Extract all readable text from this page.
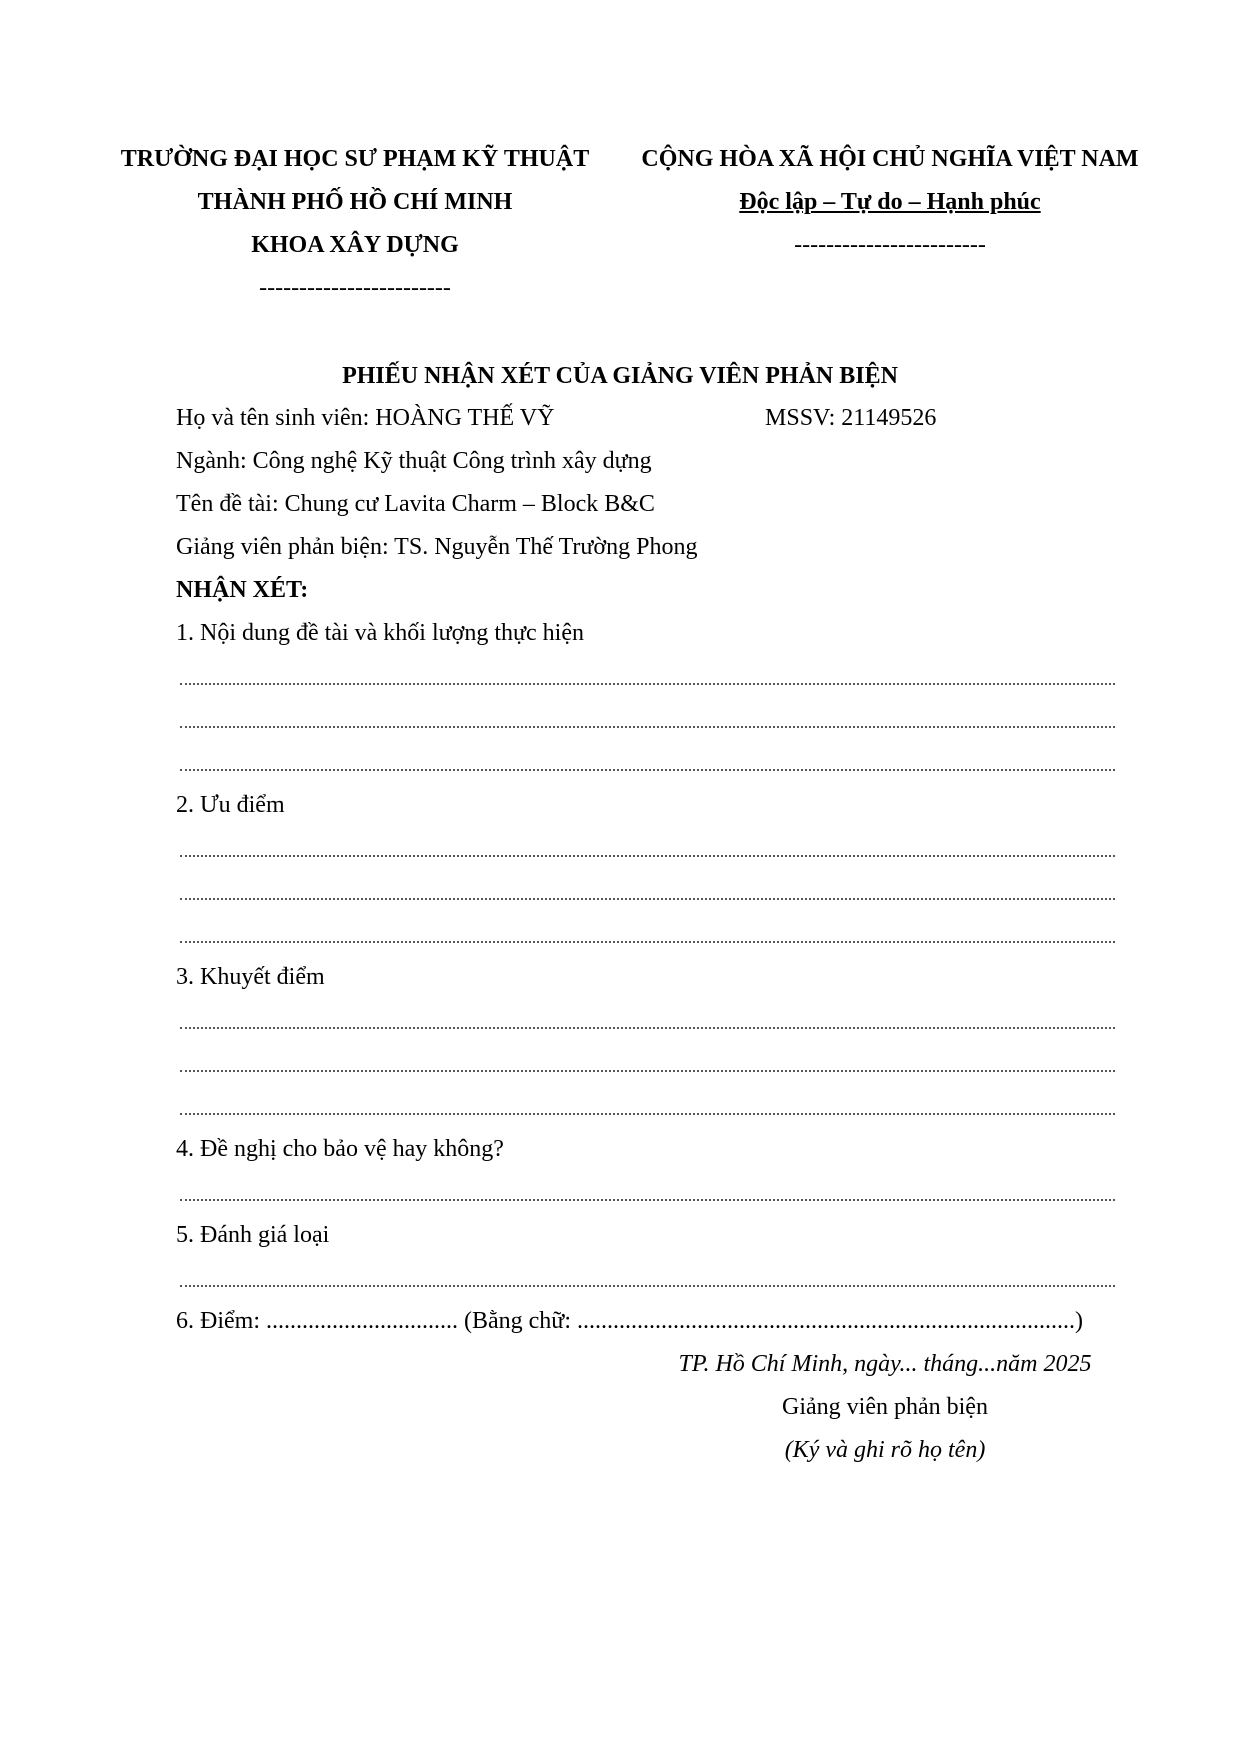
TRƯỜNG ĐẠI HỌC SƯ PHẠM KỸ THUẬT
THÀNH PHỐ HỒ CHÍ MINH
KHOA XÂY DỰNG
------------------------
CỘNG HÒA XÃ HỘI CHỦ NGHĨA VIỆT NAM
Độc lập – Tự do – Hạnh phúc
------------------------
PHIẾU NHẬN XÉT CỦA GIẢNG VIÊN PHẢN BIỆN
Họ và tên sinh viên: HOÀNG THẾ VỸ	MSSV: 21149526
Ngành: Công nghệ Kỹ thuật Công trình xây dựng
Tên đề tài: Chung cư Lavita Charm – Block B&C
Giảng viên phản biện: TS. Nguyễn Thế Trường Phong
NHẬN XÉT:
1. Nội dung đề tài và khối lượng thực hiện
2. Ưu điểm
3. Khuyết điểm
4. Đề nghị cho bảo vệ hay không?
5. Đánh giá loại
6. Điểm: ................................ (Bằng chữ: ...................................................................................)
TP. Hồ Chí Minh, ngày... tháng...năm 2025
Giảng viên phản biện
(Ký và ghi rõ họ tên)
